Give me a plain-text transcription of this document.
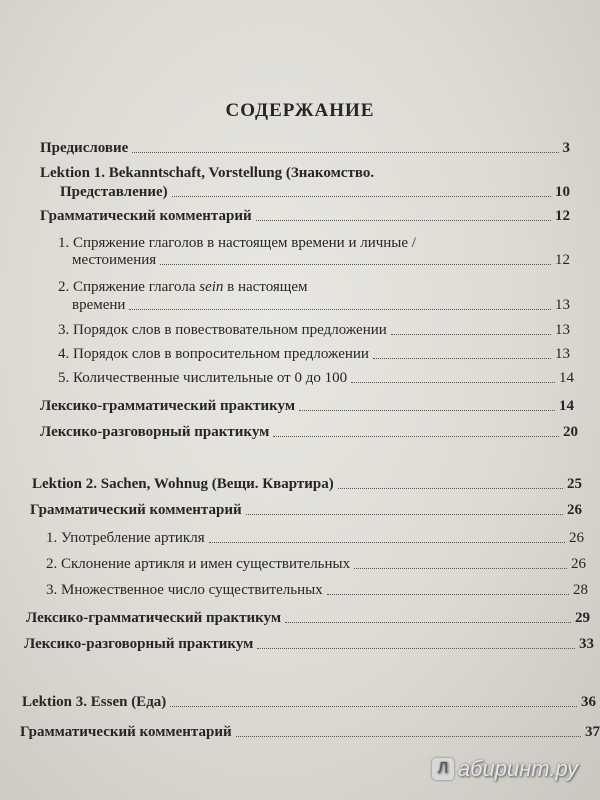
СОДЕРЖАНИЕ
Предисловие	3
Lektion 1. Bekanntschaft, Vorstellung (Знакомство.
Представление)	10
Грамматический комментарий	12
1. Спряжение глаголов в настоящем времени и личные /
местоимения	12
2. Спряжение глагола sein в настоящем
времени	13
3. Порядок слов в повествовательном предложении	13
4. Порядок слов в вопросительном предложении	13
5. Количественные числительные от 0 до 100	14
Лексико-грамматический практикум	14
Лексико-разговорный практикум	20
Lektion 2. Sachen, Wohnug (Вещи. Квартира)	25
Грамматический комментарий	26
1. Употребление артикля	26
2. Склонение артикля и имен существительных	26
3. Множественное число существительных	28
Лексико-грамматический практикум	29
Лексико-разговорный практикум	33
Lektion 3. Essen (Еда)	36
Грамматический комментарий	37
Л абиринт.ру
